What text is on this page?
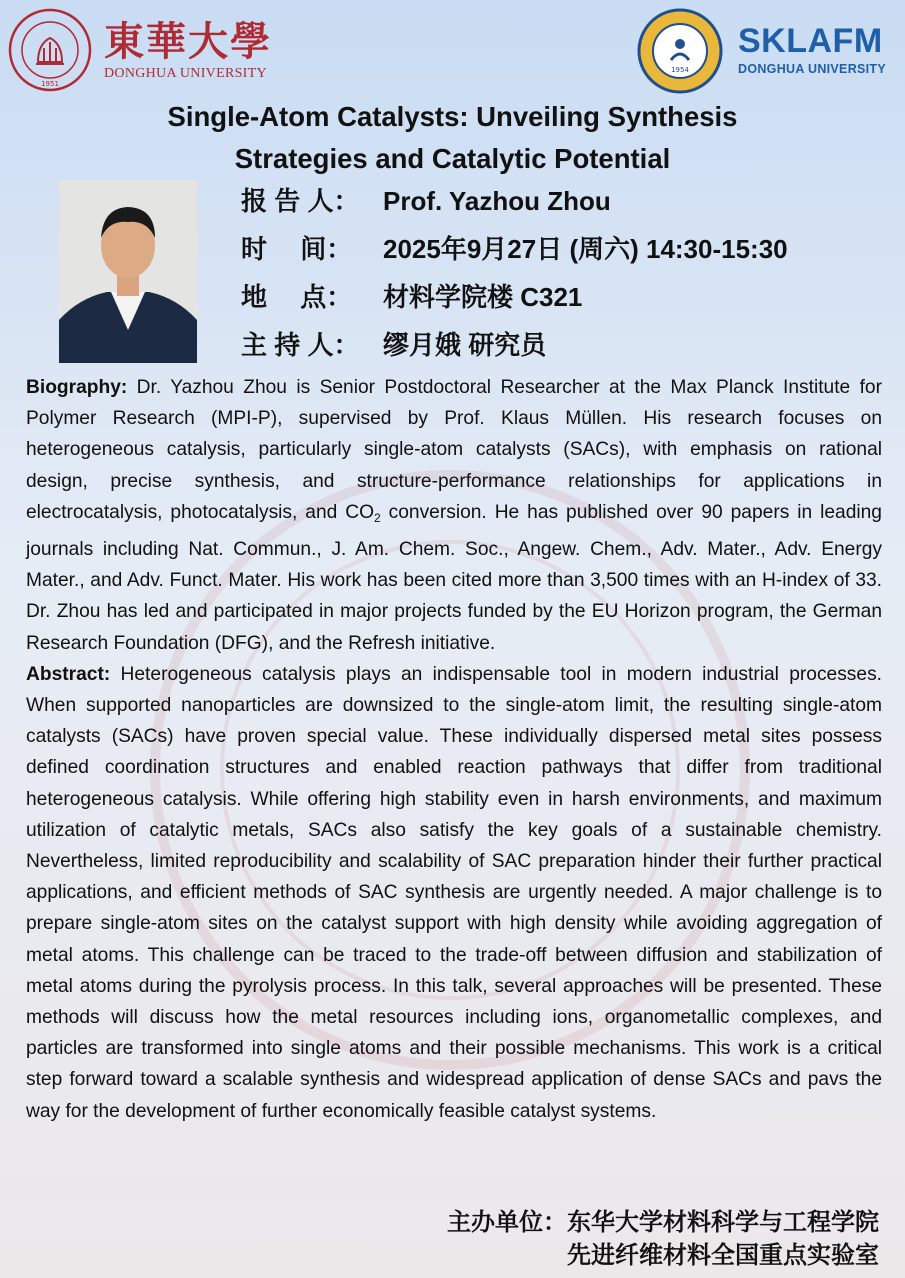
1951
東華大學
DONGHUA UNIVERSITY	1954
SKLAFM
DONGHUA UNIVERSITY
Single-Atom Catalysts: Unveiling Synthesis
Strategies and Catalytic Potential
报 告 人： Prof. Yazhou Zhou
时　 间：	2025年9月27日 (周六) 14:30-15:30
地　 点：	材料学院楼 C321
主 持 人： 缪月娥 研究员

Biography: Dr. Yazhou Zhou is Senior Postdoctoral Researcher at the Max Planck Institute for Polymer Research (MPI-P), supervised by Prof. Klaus Müllen. His research focuses on heterogeneous catalysis, particularly single-atom catalysts (SACs), with emphasis on rational design, precise synthesis, and structure-performance relationships for applications in electrocatalysis, photocatalysis, and $CO_2$ conversion. He has published over 90 papers in leading journals including Nat. Commun., J. Am. Chem. Soc., Angew. Chem., Adv. Mater., Adv. Energy Mater., and Adv. Funct. Mater. His work has been cited more than 3,500 times with an H-index of 33. Dr. Zhou has led and participated in major projects funded by the EU Horizon program, the German Research Foundation (DFG), and the Refresh initiative.

Abstract: Heterogeneous catalysis plays an indispensable tool in modern industrial processes. When supported nanoparticles are downsized to the single-atom limit, the resulting single-atom catalysts (SACs) have proven special value. These individually dispersed metal sites possess defined coordination structures and enabled reaction pathways that differ from traditional heterogeneous catalysis. While offering high stability even in harsh environments, and maximum utilization of catalytic metals, SACs also satisfy the key goals of a sustainable chemistry. Nevertheless, limited reproducibility and scalability of SAC preparation hinder their further practical applications, and efficient methods of SAC synthesis are urgently needed. A major challenge is to prepare single-atom sites on the catalyst support with high density while avoiding aggregation of metal atoms. This challenge can be traced to the trade-off between diffusion and stabilization of metal atoms during the pyrolysis process. In this talk, several approaches will be presented. These methods will discuss how the metal resources including ions, organometallic complexes, and particles are transformed into single atoms and their possible mechanisms. This work is a critical step forward toward a scalable synthesis and widespread application of dense SACs and pavs the way for the development of further economically feasible catalyst systems.

主办单位：东华大学材料科学与工程学院
先进纤维材料全国重点实验室
